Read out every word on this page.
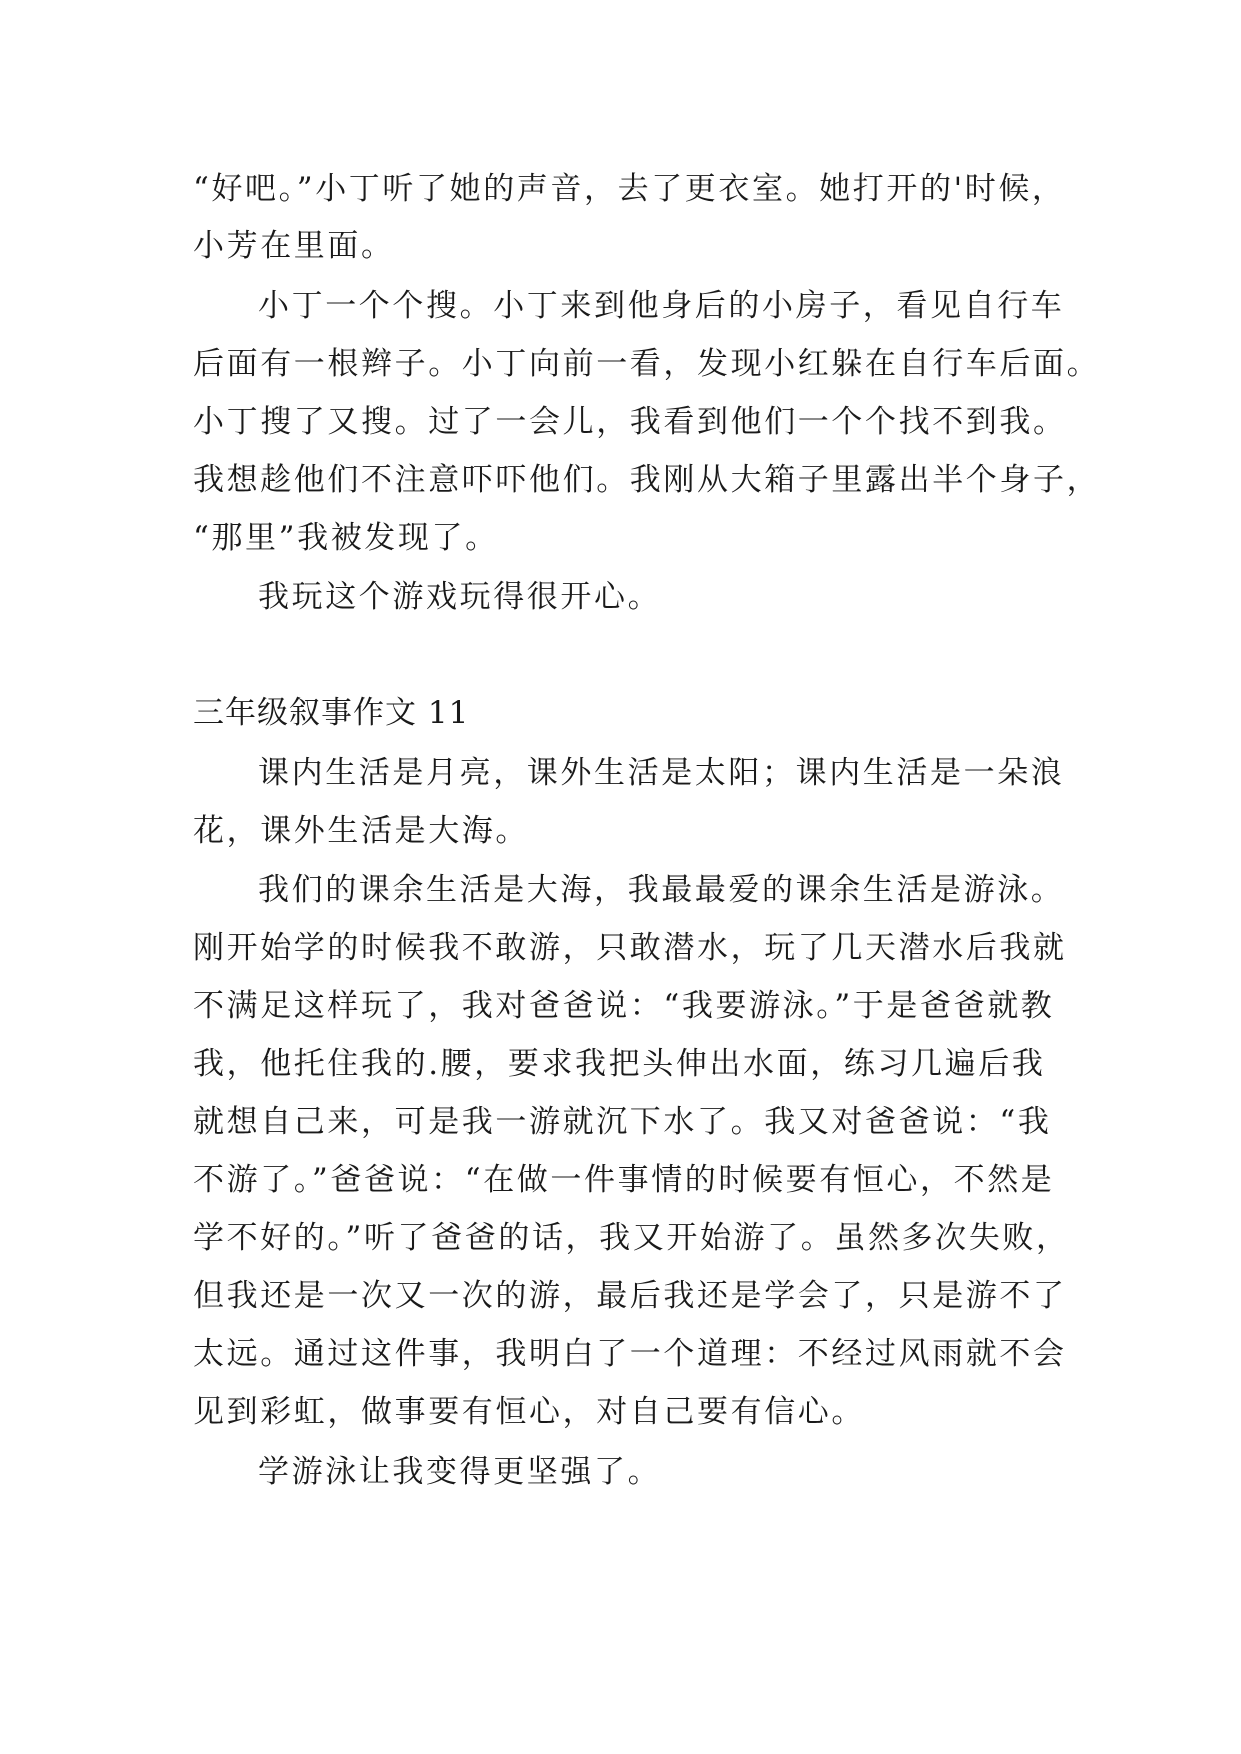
“好吧。”小丁听了她的声音，去了更衣室。她打开的'时候，
小芳在里面。
小丁一个个搜。小丁来到他身后的小房子，看见自行车
后面有一根辫子。小丁向前一看，发现小红躲在自行车后面。
小丁搜了又搜。过了一会儿，我看到他们一个个找不到我。
我想趁他们不注意吓吓他们。我刚从大箱子里露出半个身子，
“那里”我被发现了。
我玩这个游戏玩得很开心。
三年级叙事作文 11
课内生活是月亮，课外生活是太阳；课内生活是一朵浪
花，课外生活是大海。
我们的课余生活是大海，我最最爱的课余生活是游泳。
刚开始学的时候我不敢游，只敢潜水，玩了几天潜水后我就
不满足这样玩了，我对爸爸说：“我要游泳。”于是爸爸就教
我，他托住我的.腰，要求我把头伸出水面，练习几遍后我
就想自己来，可是我一游就沉下水了。我又对爸爸说：“我
不游了。”爸爸说：“在做一件事情的时候要有恒心，不然是
学不好的。”听了爸爸的话，我又开始游了。虽然多次失败，
但我还是一次又一次的游，最后我还是学会了，只是游不了
太远。通过这件事，我明白了一个道理：不经过风雨就不会
见到彩虹，做事要有恒心，对自己要有信心。
学游泳让我变得更坚强了。
